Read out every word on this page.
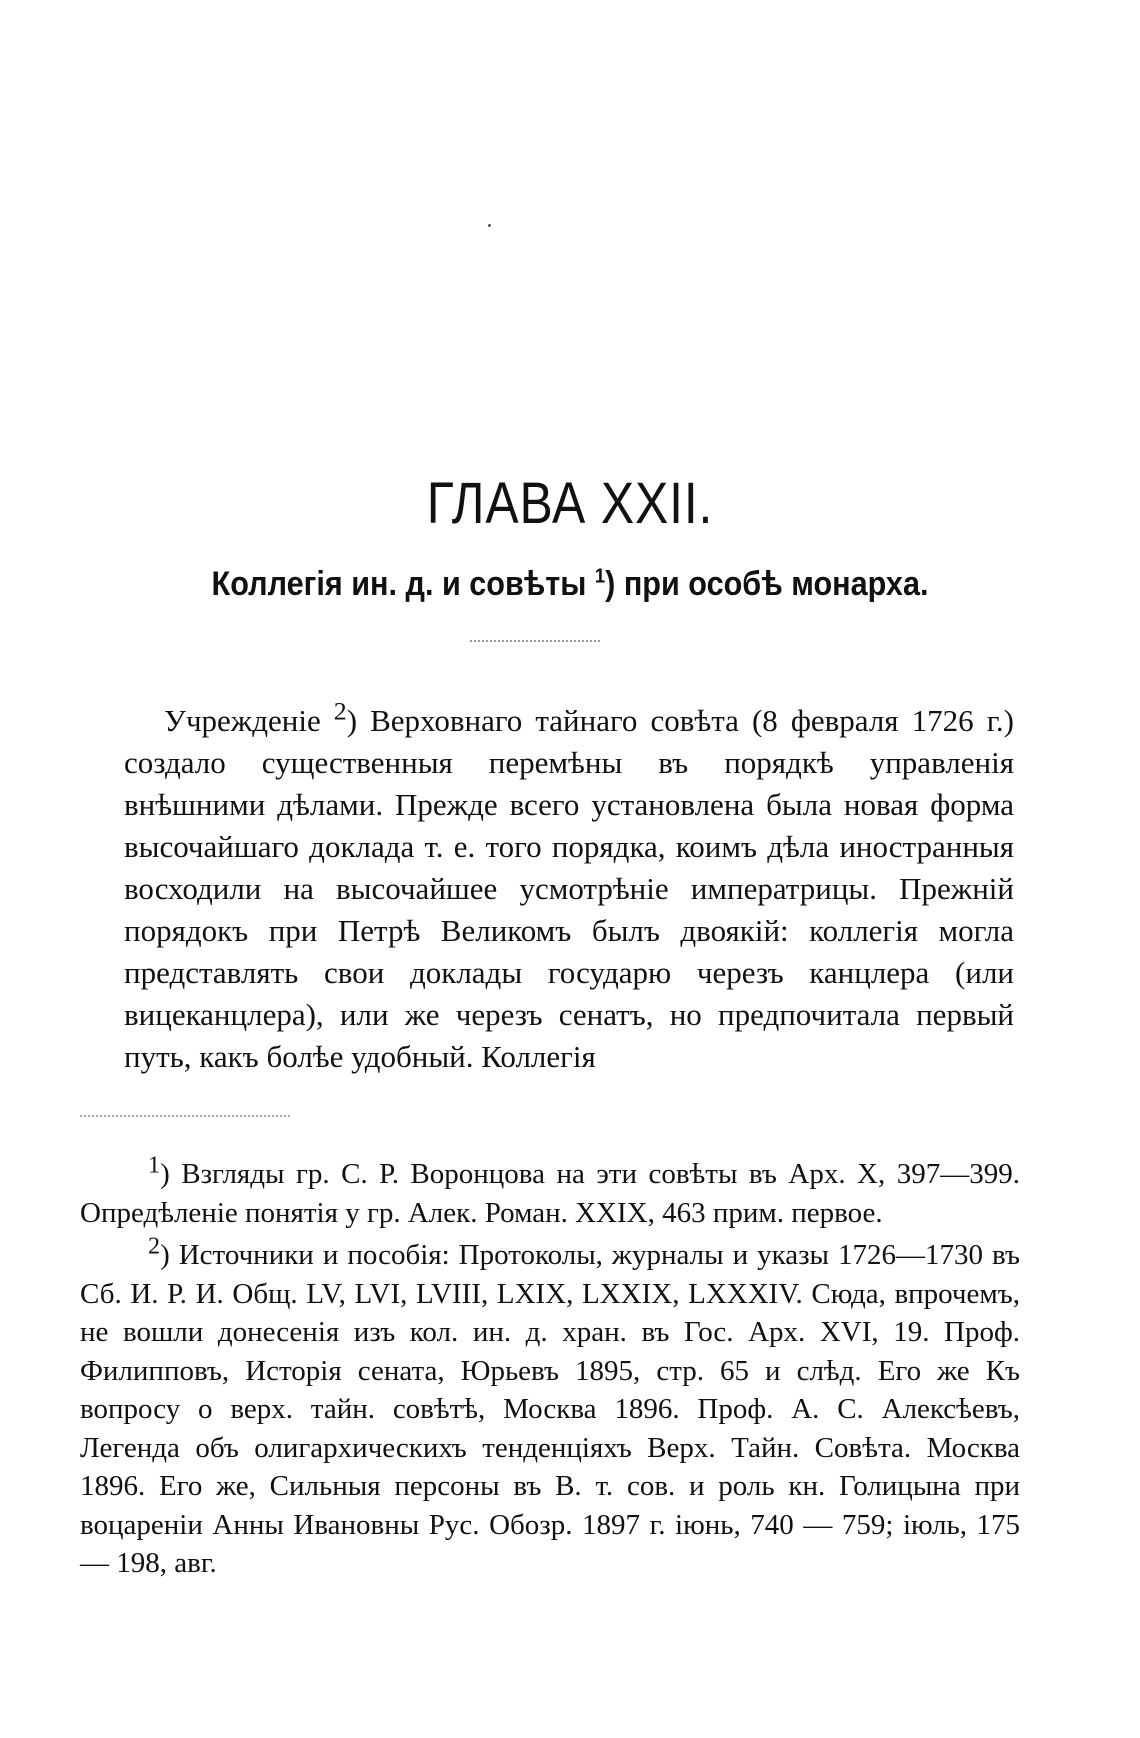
ГЛАВА XXII.
Коллегія ин. д. и совѣты $^1$) при особѣ монарха.

Учрежденіе $^2$) Верховнаго тайнаго совѣта (8 февраля 1726 г.) создало существенныя перемѣны въ порядкѣ управленія внѣшними дѣлами. Прежде всего установлена была новая форма высочайшаго доклада т. е. того порядка, коимъ дѣла иностранныя восходили на высочайшее усмотрѣніе императрицы. Прежній порядокъ при Петрѣ Великомъ былъ двоякій: коллегія могла представлять свои доклады государю черезъ канцлера (или вицеканцлера), или же черезъ сенатъ, но предпочитала первый путь, какъ болѣе удобный. Коллегія

$^1$) Взгляды гр. С. Р. Воронцова на эти совѣты въ Арх. X, 397—399. Опредѣленіе понятія у гр. Алек. Роман. XXIX, 463 прим. первое.

$^2$) Источники и пособія: Протоколы, журналы и указы 1726—1730 въ Сб. И. Р. И. Общ. LV, LVI, LVIII, LXIX, LXXIX, LXXXIV. Сюда, впрочемъ, не вошли донесенія изъ кол. ин. д. хран. въ Гос. Арх. XVI, 19. Проф. Филипповъ, Исторія сената, Юрьевъ 1895, стр. 65 и слѣд. Его же Къ вопросу о верх. тайн. совѣтѣ, Москва 1896. Проф. А. С. Алексѣевъ, Легенда объ олигархическихъ тенденціяхъ Верх. Тайн. Совѣта. Москва 1896. Его же, Сильныя персоны въ В. т. сов. и роль кн. Голицына при воцареніи Анны Ивановны Рус. Обозр. 1897 г. іюнь, 740 — 759; іюль, 175 — 198, авг.
